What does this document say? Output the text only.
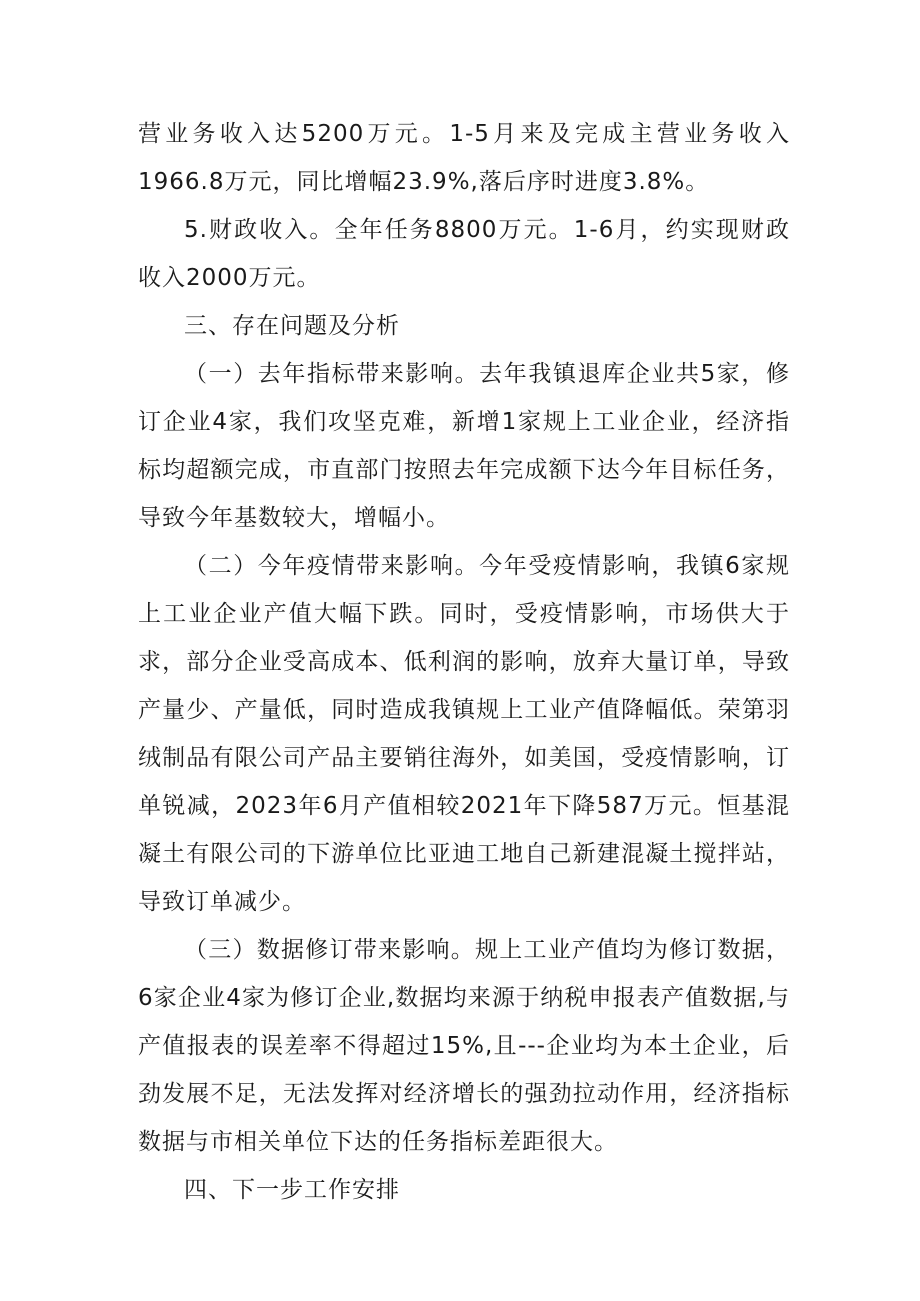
营业务收入达5200万元。1-5月来及完成主营业务收入1966.8万元，同比增幅23.9%,落后序时进度3.8%。

5.财政收入。全年任务8800万元。1-6月，约实现财政收入2000万元。

三、存在问题及分析

（一）去年指标带来影响。去年我镇退库企业共5家，修订企业4家，我们攻坚克难，新增1家规上工业企业，经济指标均超额完成，市直部门按照去年完成额下达今年目标任务，导致今年基数较大，增幅小。

（二）今年疫情带来影响。今年受疫情影响，我镇6家规上工业企业产值大幅下跌。同时，受疫情影响，市场供大于求，部分企业受高成本、低利润的影响，放弃大量订单，导致产量少、产量低，同时造成我镇规上工业产值降幅低。荣第羽绒制品有限公司产品主要销往海外，如美国，受疫情影响，订单锐减，2023年6月产值相较2021年下降587万元。恒基混凝土有限公司的下游单位比亚迪工地自己新建混凝土搅拌站，导致订单减少。

（三）数据修订带来影响。规上工业产值均为修订数据，6家企业4家为修订企业,数据均来源于纳税申报表产值数据,与产值报表的误差率不得超过15%,且---企业均为本土企业，后劲发展不足，无法发挥对经济增长的强劲拉动作用，经济指标数据与市相关单位下达的任务指标差距很大。

四、下一步工作安排
